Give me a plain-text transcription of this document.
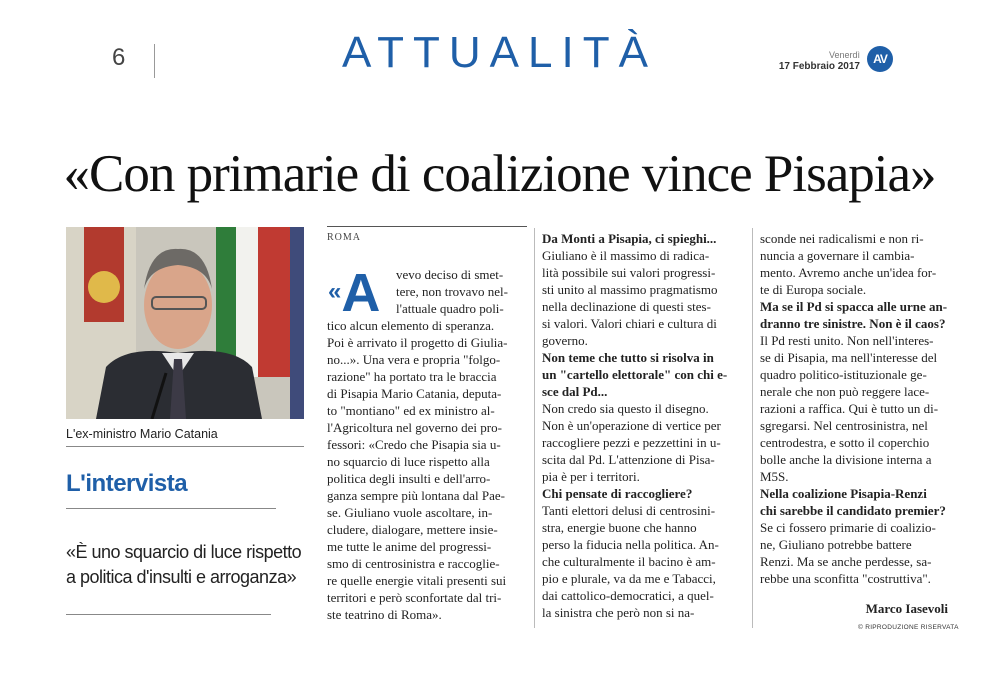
6	ATTUALITÀ	Venerdì
17 Febbraio 2017
AV
«Con primarie di coalizione vince Pisapia»
L'ex-ministro Mario Catania
L'intervista
«È uno squarcio di luce rispetto
a politica d'insulti e arroganza»
ROMA
«A vevo deciso di smet-
tere, non trovavo nel-
l'attuale quadro poli-
tico alcun elemento di speranza.
Poi è arrivato il progetto di Giulia-
no...». Una vera e propria "folgo-
razione" ha portato tra le braccia
di Pisapia Mario Catania, deputa-
to "montiano" ed ex ministro al-
l'Agricoltura nel governo dei pro-
fessori: «Credo che Pisapia sia u-
no squarcio di luce rispetto alla
politica degli insulti e dell'arro-
ganza sempre più lontana dal Pae-
se. Giuliano vuole ascoltare, in-
cludere, dialogare, mettere insie-
me tutte le anime del progressi-
smo di centrosinistra e raccoglie-
re quelle energie vitali presenti sui
territori e però sconfortate dal tri-
ste teatrino di Roma».
Da Monti a Pisapia, ci spieghi...
Giuliano è il massimo di radica-
lità possibile sui valori progressi-
sti unito al massimo pragmatismo
nella declinazione di questi stes-
si valori. Valori chiari e cultura di
governo.
Non teme che tutto si risolva in
un "cartello elettorale" con chi e-
sce dal Pd...
Non credo sia questo il disegno.
Non è un'operazione di vertice per
raccogliere pezzi e pezzettini in u-
scita dal Pd. L'attenzione di Pisa-
pia è per i territori.
Chi pensate di raccogliere?
Tanti elettori delusi di centrosini-
stra, energie buone che hanno
perso la fiducia nella politica. An-
che culturalmente il bacino è am-
pio e plurale, va da me e Tabacci,
dai cattolico-democratici, a quel-
la sinistra che però non si na-
sconde nei radicalismi e non ri-
nuncia a governare il cambia-
mento. Avremo anche un'idea for-
te di Europa sociale.
Ma se il Pd si spacca alle urne an-
dranno tre sinistre. Non è il caos?
Il Pd resti unito. Non nell'interes-
se di Pisapia, ma nell'interesse del
quadro politico-istituzionale ge-
nerale che non può reggere lace-
razioni a raffica. Qui è tutto un di-
sgregarsi. Nel centrosinistra, nel
centrodestra, e sotto il coperchio
bolle anche la divisione interna a
M5S.
Nella coalizione Pisapia-Renzi
chi sarebbe il candidato premier?
Se ci fossero primarie di coalizio-
ne, Giuliano potrebbe battere
Renzi. Ma se anche perdesse, sa-
rebbe una sconfitta "costruttiva".
Marco Iasevoli
© RIPRODUZIONE RISERVATA
